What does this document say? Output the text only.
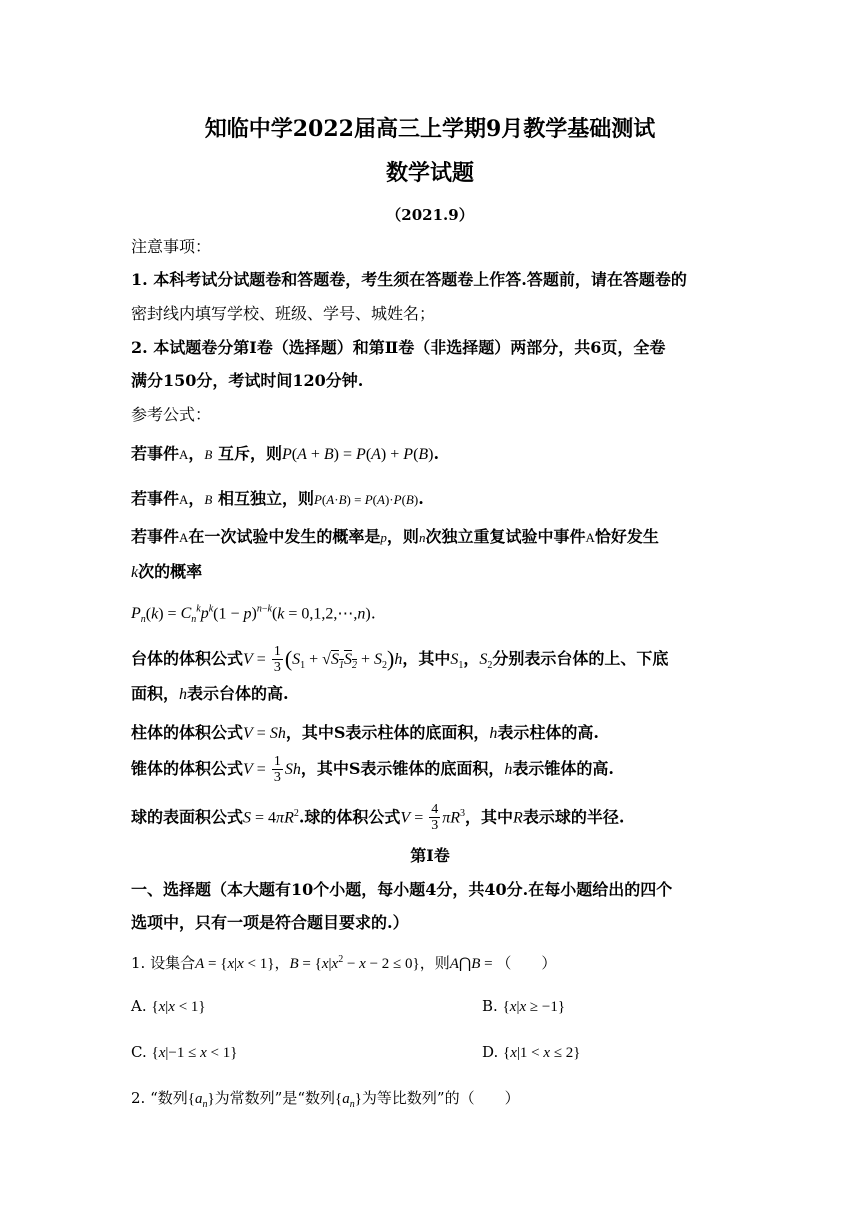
知临中学2022届高三上学期9月教学基础测试
数学试题
（2021.9）
注意事项：
1. 本科考试分试题卷和答题卷，考生须在答题卷上作答.答题前，请在答题卷的
密封线内填写学校、班级、学号、城姓名；
2. 本试题卷分第Ⅰ卷（选择题）和第Ⅱ卷（非选择题）两部分，共6页，全卷
满分150分，考试时间120分钟.
参考公式：
若事件A，B 互斥，则P(A + B) = P(A) + P(B).
若事件A，B 相互独立，则P(A·B) = P(A)·P(B).
若事件A在一次试验中发生的概率是p，则n次独立重复试验中事件A恰好发生
k次的概率
$P_n(k) = C_n^kp^k(1 - p)^{n-k}(k$ = 0,1,2,⋯,n).
台体的体积公式$V = \frac{1}{3} (S_1 + √S_1S_2 + S_2)h$，其中$S_1$，$S_2$分别表示台体的上、下底
面积，h表示台体的高.
柱体的体积公式V = Sh，其中S表示柱体的底面积，h表示柱体的高.
锥体的体积公式$V = \frac{1}{3}$ Sh，其中S表示锥体的底面积，h表示锥体的高.
球的表面积公式$S = 4\pi R^2$.球的体积公式$V = \frac{4}{3} \pi R^3$，其中R表示球的半径.
第Ⅰ卷
一、选择题（本大题有10个小题，每小题4分，共40分.在每小题给出的四个
选项中，只有一项是符合题目要求的.）
1. 设集合A = {x|x < 1}，$B = \{x|x^2 - x - 2 \le 0\}$，则A⋂B = （　　）
A. {x|x < 1}	B. {x|x ≥ −1}
C. {x|−1 ≤ x < 1}	D. {x|1 < x ≤ 2}
2. “数列$\{a_n\}$为常数列”是“数列$\{a_n\}$为等比数列”的（　　）
